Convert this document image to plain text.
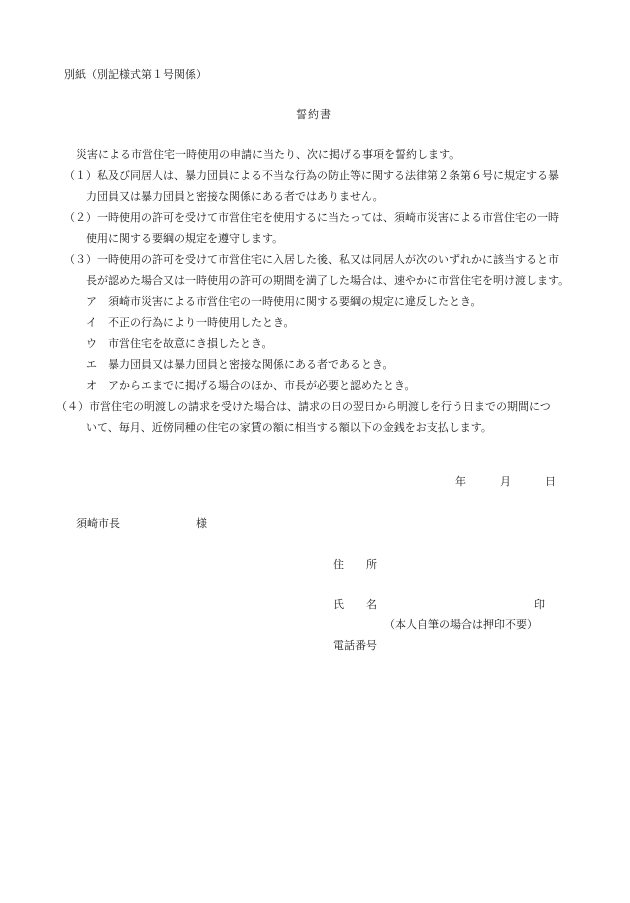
別紙（別記様式第１号関係）
誓約書
災害による市営住宅一時使用の申請に当たり、次に掲げる事項を誓約します。
（１）私及び同居人は、暴力団員による不当な行為の防止等に関する法律第２条第６号に規定する暴
力団員又は暴力団員と密接な関係にある者ではありません。
（２）一時使用の許可を受けて市営住宅を使用するに当たっては、須崎市災害による市営住宅の一時
使用に関する要綱の規定を遵守します。
（３）一時使用の許可を受けて市営住宅に入居した後、私又は同居人が次のいずれかに該当すると市
長が認めた場合又は一時使用の許可の期間を満了した場合は、速やかに市営住宅を明け渡します。
ア　須崎市災害による市営住宅の一時使用に関する要綱の規定に違反したとき。
イ　不正の行為により一時使用したとき。
ウ　市営住宅を故意にき損したとき。
エ　暴力団員又は暴力団員と密接な関係にある者であるとき。
オ　アからエまでに掲げる場合のほか、市長が必要と認めたとき。
（４）市営住宅の明渡しの請求を受けた場合は、請求の日の翌日から明渡しを行う日までの期間につ
いて、毎月、近傍同種の住宅の家賃の額に相当する額以下の金銭をお支払します。
年	月	日
須崎市長	様
住　　所
氏　　名	印
（本人自筆の場合は押印不要）
電話番号
